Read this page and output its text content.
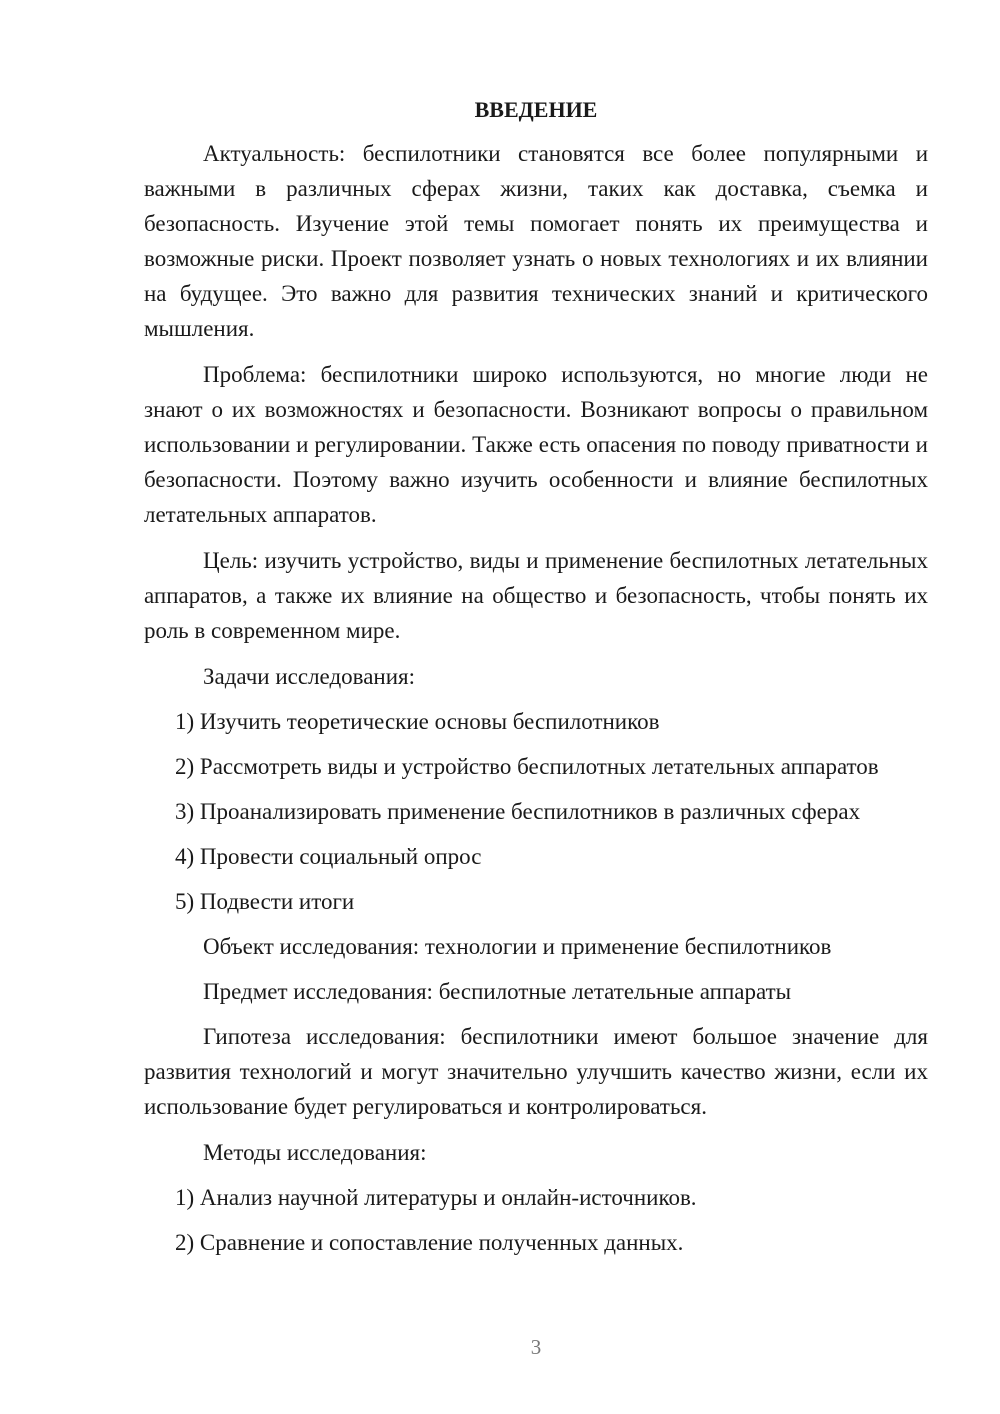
ВВЕДЕНИЕ

Актуальность: беспилотники становятся все более популярными и важными в различных сферах жизни, таких как доставка, съемка и безопасность. Изучение этой темы помогает понять их преимущества и возможные риски. Проект позволяет узнать о новых технологиях и их влиянии на будущее. Это важно для развития технических знаний и критического мышления.

Проблема: беспилотники широко используются, но многие люди не знают о их возможностях и безопасности. Возникают вопросы о правильном использовании и регулировании. Также есть опасения по поводу приватности и безопасности. Поэтому важно изучить особенности и влияние беспилотных летательных аппаратов.

Цель: изучить устройство, виды и применение беспилотных летательных аппаратов, а также их влияние на общество и безопасность, чтобы понять их роль в современном мире.

Задачи исследования:

1) Изучить теоретические основы беспилотников

2) Рассмотреть виды и устройство беспилотных летательных аппаратов

3) Проанализировать применение беспилотников в различных сферах

4) Провести социальный опрос

5) Подвести итоги

Объект исследования: технологии и применение беспилотников

Предмет исследования: беспилотные летательные аппараты

Гипотеза исследования: беспилотники имеют большое значение для развития технологий и могут значительно улучшить качество жизни, если их использование будет регулироваться и контролироваться.

Методы исследования:

1) Анализ научной литературы и онлайн-источников.

2) Сравнение и сопоставление полученных данных.

3
